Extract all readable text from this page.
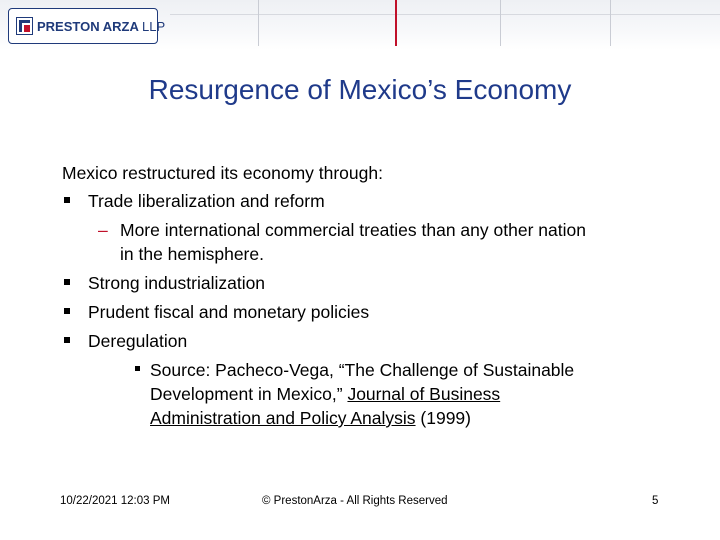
PRESTON ARZA LLP
Resurgence of Mexico’s Economy
Mexico restructured its economy through:
Trade liberalization and reform
– More international commercial treaties than any other nation
in the hemisphere.
Strong industrialization
Prudent fiscal and monetary policies
Deregulation
Source: Pacheco-Vega, “The Challenge of Sustainable
Development in Mexico,” Journal of Business
Administration and Policy Analysis (1999)
10/22/2021 12:03 PM	© PrestonArza - All Rights Reserved	5
